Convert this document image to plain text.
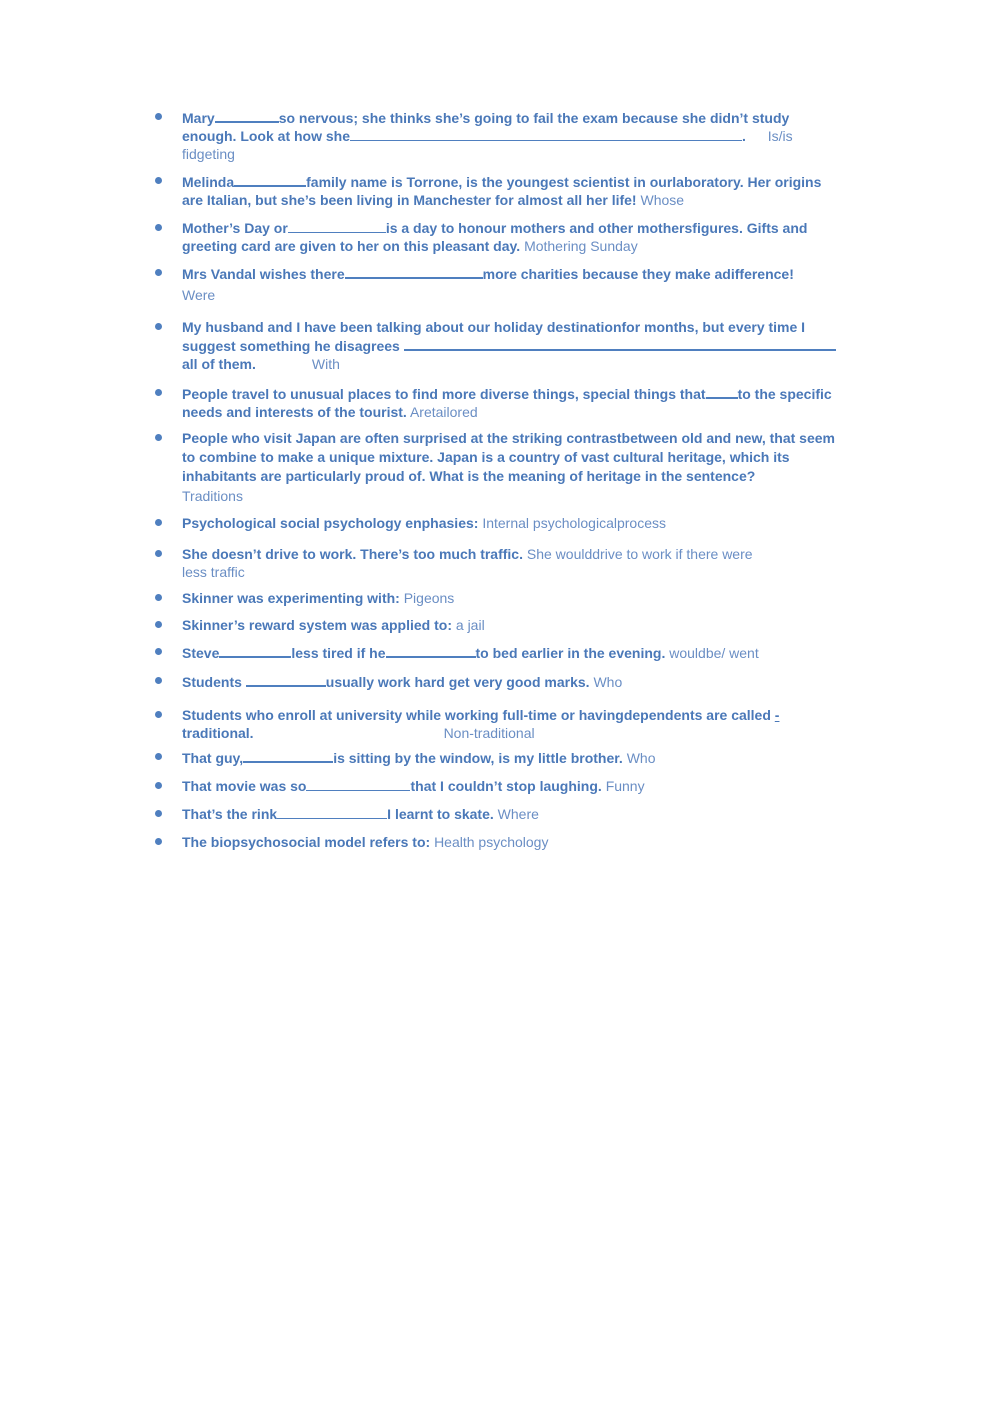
Mary	so nervous; she thinks she’s going to fail the exam because she didn’t study enough. Look at how she	. Is/is fidgeting
Melinda	family name is Torrone, is the youngest scientist in ourlaboratory. Her origins are Italian, but she’s been living in Manchester for almost all her life! Whose
Mother’s Day or	is a day to honour mothers and other mothersfigures. Gifts and greeting card are given to her on this pleasant day. Mothering Sunday
Mrs Vandal wishes there	more charities because they make adifference!
Were
My husband and I have been talking about our holiday destinationfor months, but every time I suggest something he disagrees
all of them.	With
People travel to unusual places to find more diverse things, special things that to the specific needs and interests of the tourist. Aretailored
People who visit Japan are often surprised at the striking contrastbetween old and new, that seem to combine to make a unique mixture. Japan is a country of vast cultural heritage, which its inhabitants are particularly proud of. What is the meaning of heritage in the sentence?
Traditions
Psychological social psychology enphasies: Internal psychologicalprocess
She doesn’t drive to work. There’s too much traffic. She woulddrive to work if there were less traffic
Skinner was experimenting with: Pigeons
Skinner’s reward system was applied to: a jail
Steve	less tired if he	to bed earlier in the evening. wouldbe/ went
Students	usually work hard get very good marks. Who
Students who enroll at university while working full-time or havingdependents are called -
traditional.	Non-traditional
That guy,	is sitting by the window, is my little brother. Who
That movie was so	that I couldn’t stop laughing. Funny
That’s the rink	I learnt to skate. Where
The biopsychosocial model refers to: Health psychology
